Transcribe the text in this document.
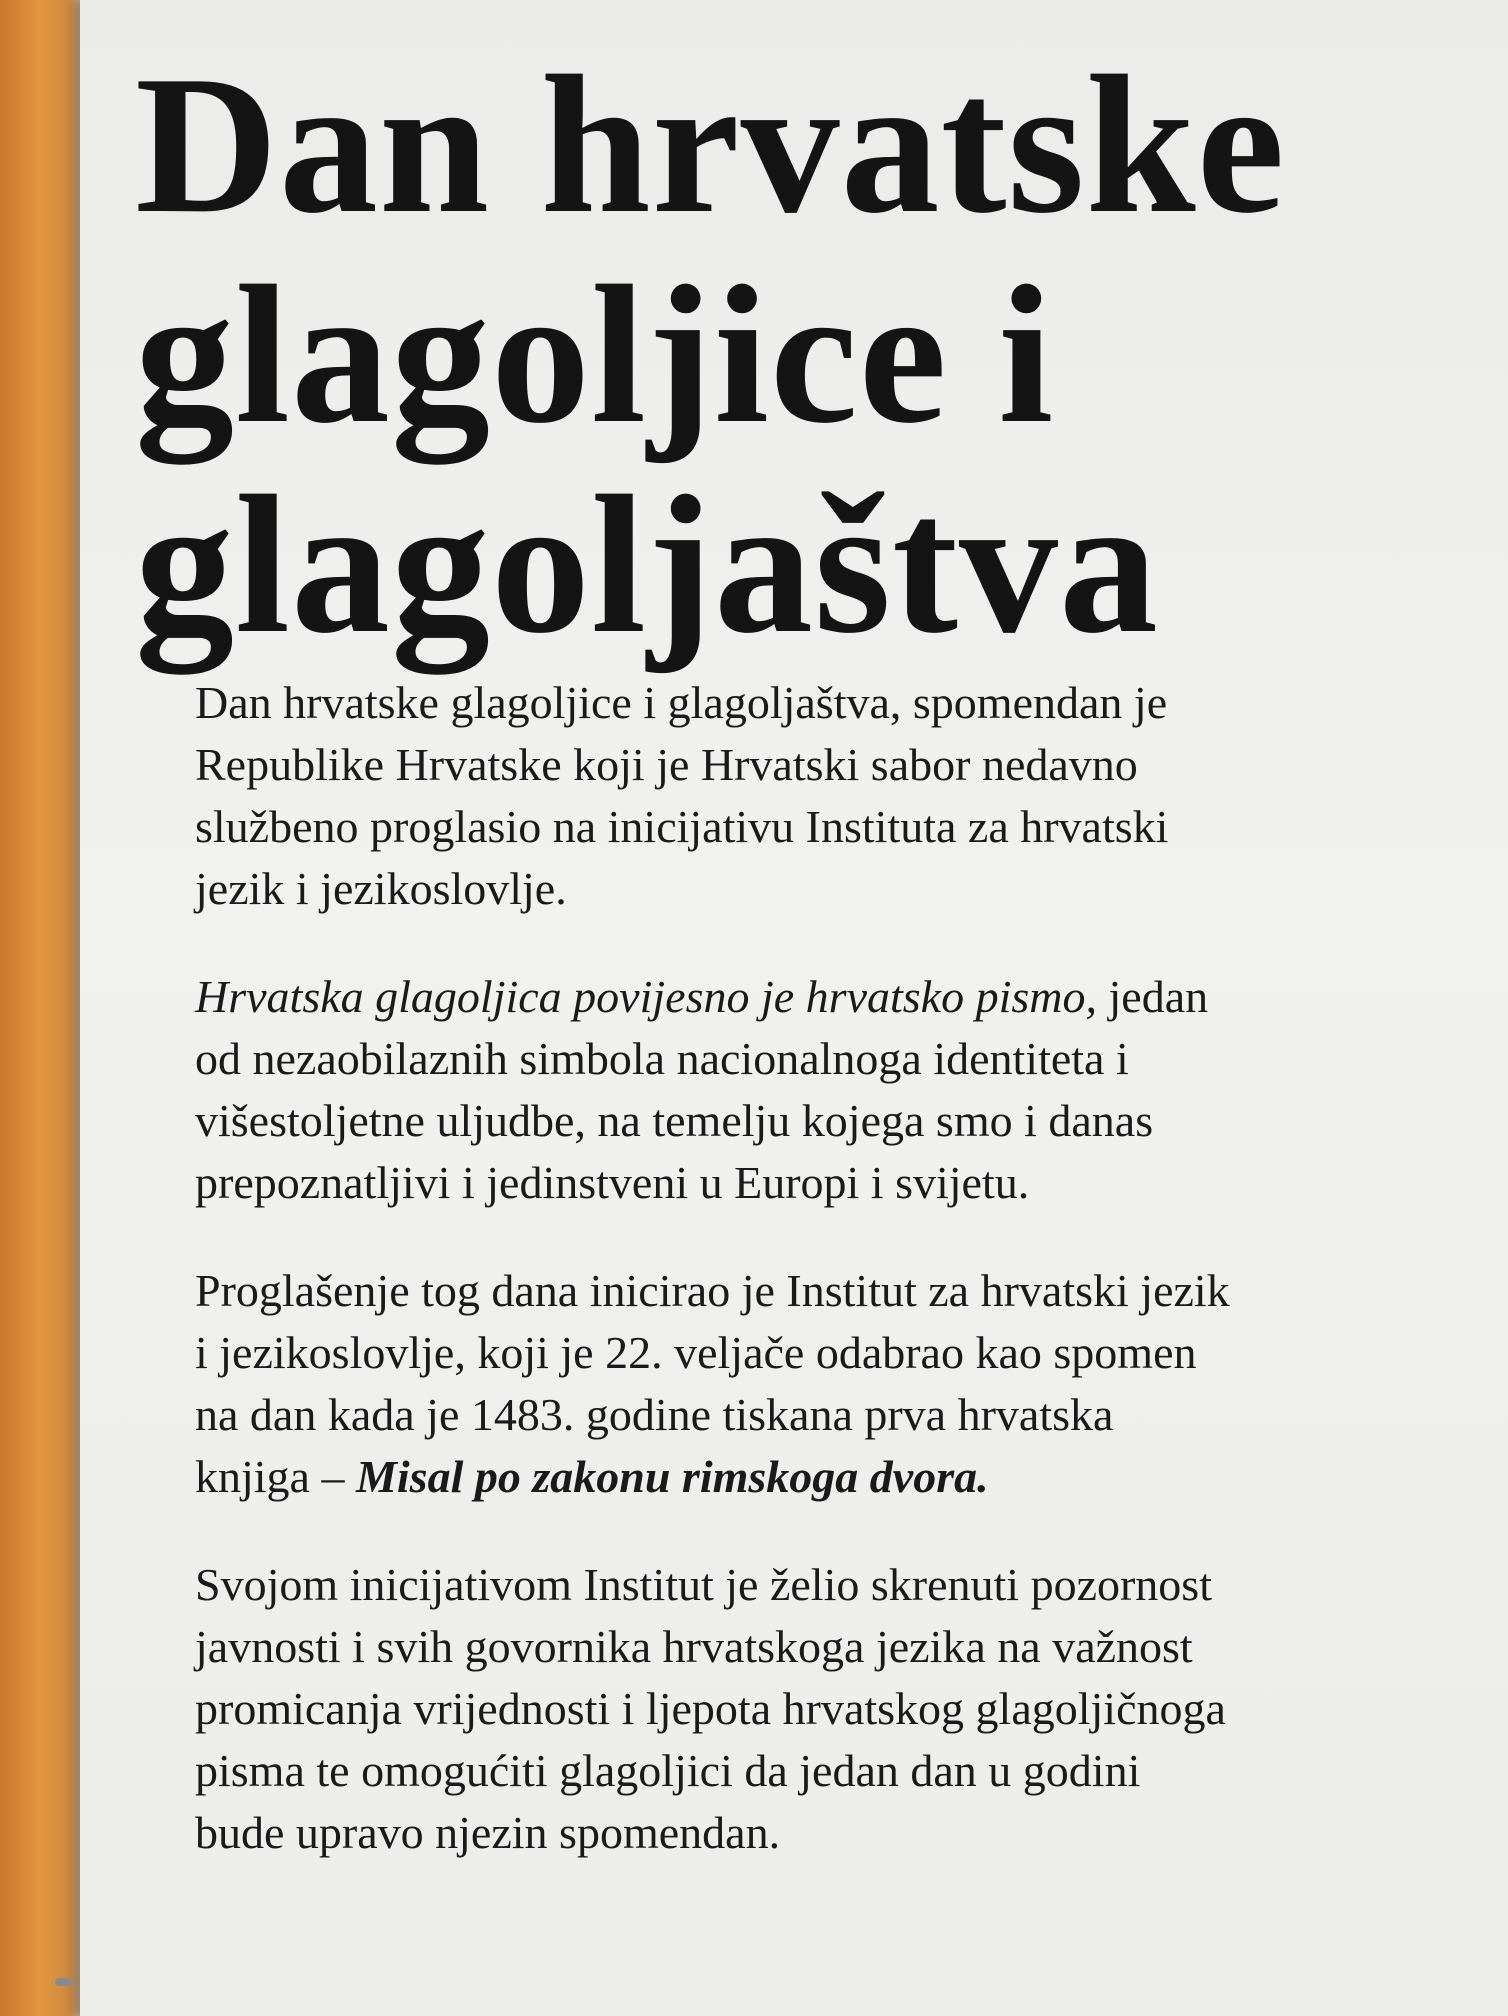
Dan hrvatske
glagoljice i
glagoljaštva

Dan hrvatske glagoljice i glagoljaštva, spomendan je
Republike Hrvatske koji je Hrvatski sabor nedavno
službeno proglasio na inicijativu Instituta za hrvatski
jezik i jezikoslovlje.

Hrvatska glagoljica povijesno je hrvatsko pismo, jedan
od nezaobilaznih simbola nacionalnoga identiteta i
višestoljetne uljudbe, na temelju kojega smo i danas
prepoznatljivi i jedinstveni u Europi i svijetu.

Proglašenje tog dana inicirao je Institut za hrvatski jezik
i jezikoslovlje, koji je 22. veljače odabrao kao spomen
na dan kada je 1483. godine tiskana prva hrvatska
knjiga – Misal po zakonu rimskoga dvora.

Svojom inicijativom Institut je želio skrenuti pozornost
javnosti i svih govornika hrvatskoga jezika na važnost
promicanja vrijednosti i ljepota hrvatskog glagoljičnoga
pisma te omogućiti glagoljici da jedan dan u godini
bude upravo njezin spomendan.
